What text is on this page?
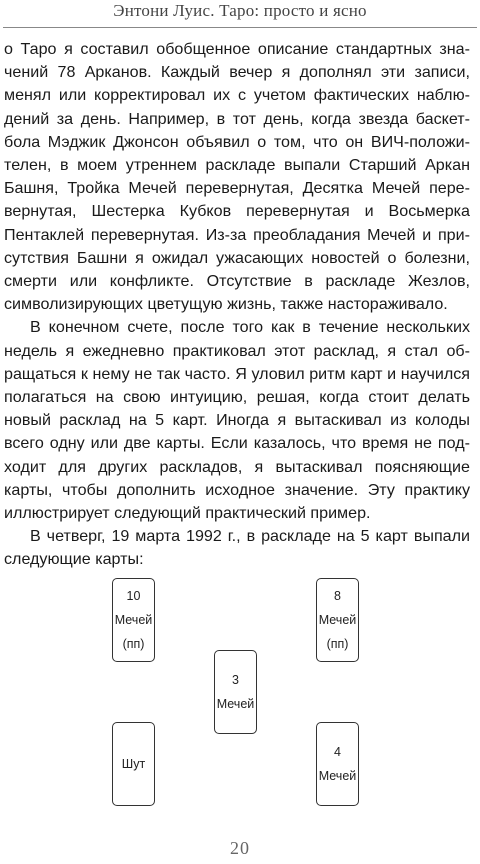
Энтони Луис. Таро: просто и ясно

о Таро я составил обобщенное описание стандартных значений 78 Арканов. Каждый вечер я дополнял эти записи, менял или корректировал их с учетом фактических наблюдений за день. Например, в тот день, когда звезда баскетбола Мэджик Джонсон объявил о том, что он ВИЧ-положителен, в моем утреннем раскладе выпали Старший Аркан Башня, Тройка Мечей перевернутая, Десятка Мечей перевернутая, Шестерка Кубков перевернутая и Восьмерка Пентаклей перевернутая. Из-за преобладания Мечей и присутствия Башни я ожидал ужасающих новостей о болезни, смерти или конфликте. Отсутствие в раскладе Жезлов, символизирующих цветущую жизнь, также настораживало.

В конечном счете, после того как в течение нескольких недель я ежедневно практиковал этот расклад, я стал обращаться к нему не так часто. Я уловил ритм карт и научился полагаться на свою интуицию, решая, когда стоит делать новый расклад на 5 карт. Иногда я вытаскивал из колоды всего одну или две карты. Если казалось, что время не подходит для других раскладов, я вытаскивал поясняющие карты, чтобы дополнить исходное значение. Эту практику иллюстрирует следующий практический пример.

В четверг, 19 марта 1992 г., в раскладе на 5 карт выпали следующие карты:

10
Мечей
(пп)
8
Мечей
(пп)
3
Мечей
Шут
4
Мечей
20
